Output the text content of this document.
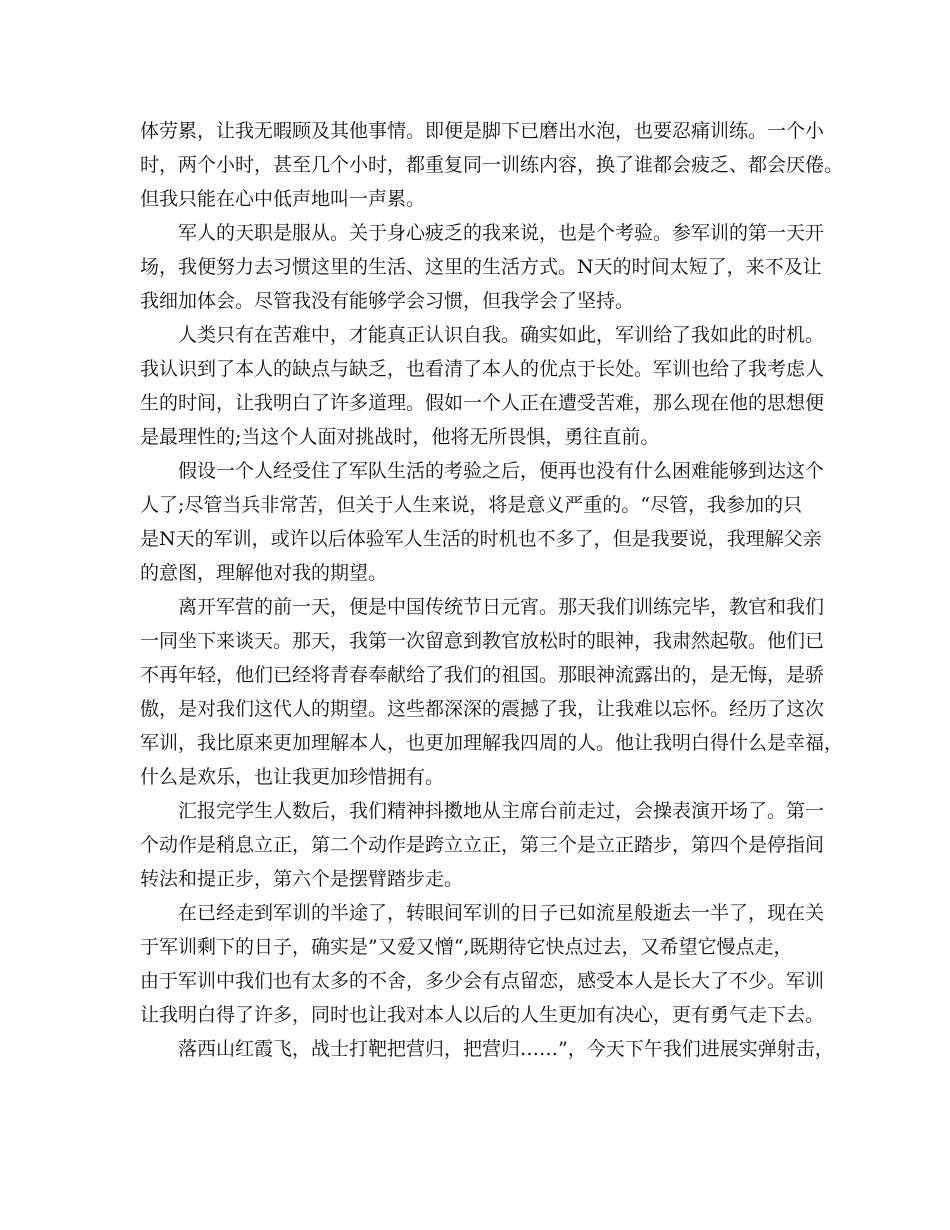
体劳累，让我无暇顾及其他事情。即便是脚下已磨出水泡，也要忍痛训练。一个小
时，两个小时，甚至几个小时，都重复同一训练内容，换了谁都会疲乏、都会厌倦。
但我只能在心中低声地叫一声累。
军人的天职是服从。关于身心疲乏的我来说，也是个考验。参军训的第一天开
场，我便努力去习惯这里的生活、这里的生活方式。N天的时间太短了，来不及让
我细加体会。尽管我没有能够学会习惯，但我学会了坚持。
人类只有在苦难中，才能真正认识自我。确实如此，军训给了我如此的时机。
我认识到了本人的缺点与缺乏，也看清了本人的优点于长处。军训也给了我考虑人
生的时间，让我明白了许多道理。假如一个人正在遭受苦难，那么现在他的思想便
是最理性的;当这个人面对挑战时，他将无所畏惧，勇往直前。
假设一个人经受住了军队生活的考验之后，便再也没有什么困难能够到达这个
人了;尽管当兵非常苦，但关于人生来说，将是意义严重的。“尽管，我参加的只
是N天的军训，或许以后体验军人生活的时机也不多了，但是我要说，我理解父亲
的意图，理解他对我的期望。
离开军营的前一天，便是中国传统节日元宵。那天我们训练完毕，教官和我们
一同坐下来谈天。那天，我第一次留意到教官放松时的眼神，我肃然起敬。他们已
不再年轻，他们已经将青春奉献给了我们的祖国。那眼神流露出的，是无悔，是骄
傲，是对我们这代人的期望。这些都深深的震撼了我，让我难以忘怀。经历了这次
军训，我比原来更加理解本人，也更加理解我四周的人。他让我明白得什么是幸福，
什么是欢乐，也让我更加珍惜拥有。
汇报完学生人数后，我们精神抖擞地从主席台前走过，会操表演开场了。第一
个动作是稍息立正，第二个动作是跨立立正，第三个是立正踏步，第四个是停指间
转法和提正步，第六个是摆臂踏步走。
在已经走到军训的半途了，转眼间军训的日子已如流星般逝去一半了，现在关
于军训剩下的日子，确实是”又爱又憎“,既期待它快点过去，又希望它慢点走，
由于军训中我们也有太多的不舍，多少会有点留恋，感受本人是长大了不少。军训
让我明白得了许多，同时也让我对本人以后的人生更加有决心，更有勇气走下去。
落西山红霞飞，战士打靶把营归，把营归……”，今天下午我们进展实弹射击，
